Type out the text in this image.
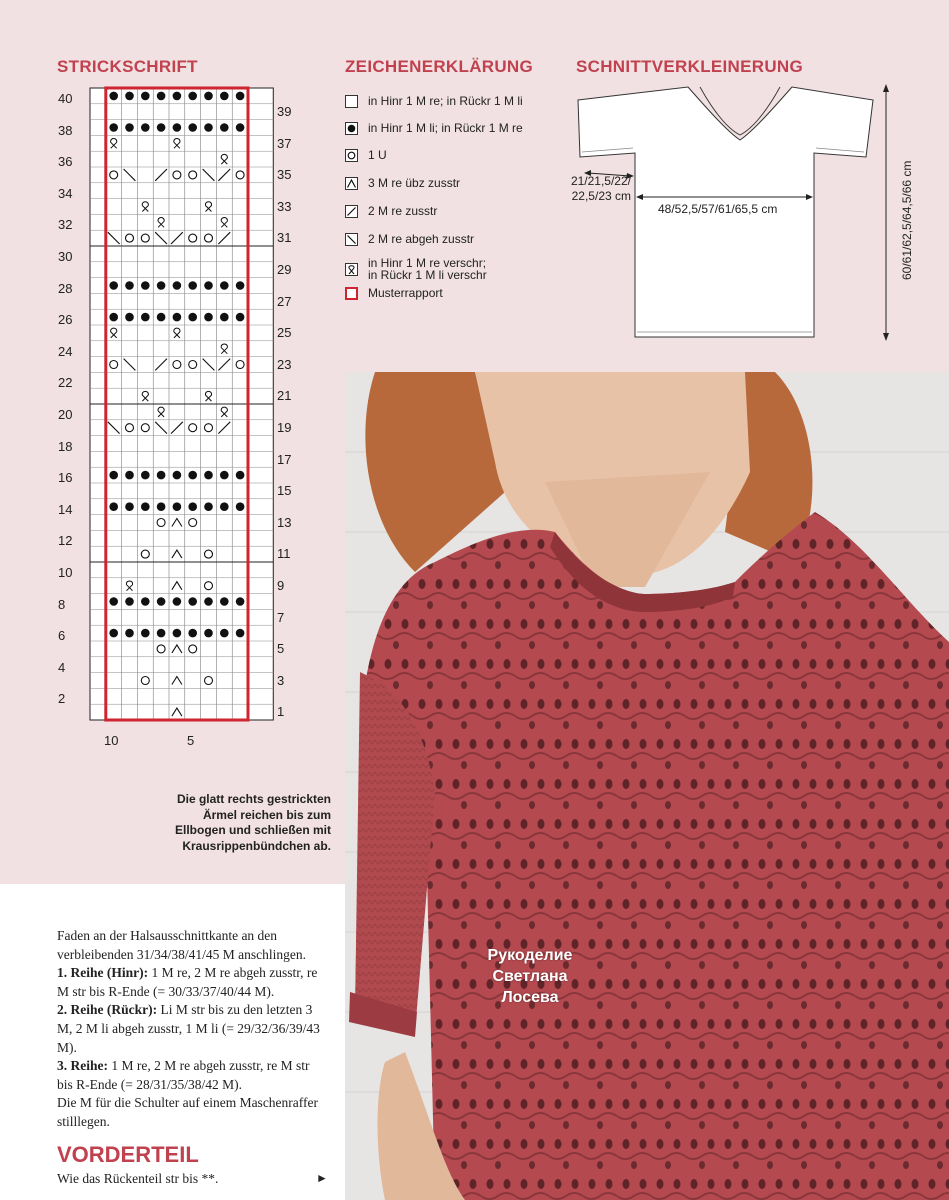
STRICKSCHRIFT
40
38
36
34
32
30
28
26
24
22
20
18
16
14
12
10
8
6
4
2
39
37
35
33
31
29
27
25
23
21
19
17
15
13
11
9
7
5
3
1
10	5
ZEICHENERKLÄRUNG
in Hinr 1 M re; in Rückr 1 M li
in Hinr 1 M li; in Rückr 1 M re
1 U
3 M re übz zusstr
2 M re zusstr
2 M re abgeh zusstr
in Hinr 1 M re verschr;
in Rückr 1 M li verschr
Musterrapport
SCHNITTVERKLEINERUNG
21/21,5/22/
22,5/23 cm
48/52,5/57/61/65,5 cm	60/61/62,5/64,5/66 cm
Die glatt rechts gestrickten
Ärmel reichen bis zum
Ellbogen und schließen mit
Krausrippenbündchen ab.

Faden an der Halsausschnittkante an den verbleibenden 31/34/38/41/45 M anschlingen.

1. Reihe (Hinr): 1 M re, 2 M re abgeh zusstr, re M str bis R-Ende (= 30/33/37/40/44 M).

2. Reihe (Rückr): Li M str bis zu den letzten 3 M, 2 M li abgeh zusstr, 1 M li (= 29/32/36/39/43 M).

3. Reihe: 1 M re, 2 M re abgeh zusstr, re M str bis R-Ende (= 28/31/35/38/42 M).

Die M für die Schulter auf einem Maschenraffer stilllegen.

VORDERTEIL
Wie das Rückenteil str bis **.	►
Рукоделие
Светлана
Лосева
